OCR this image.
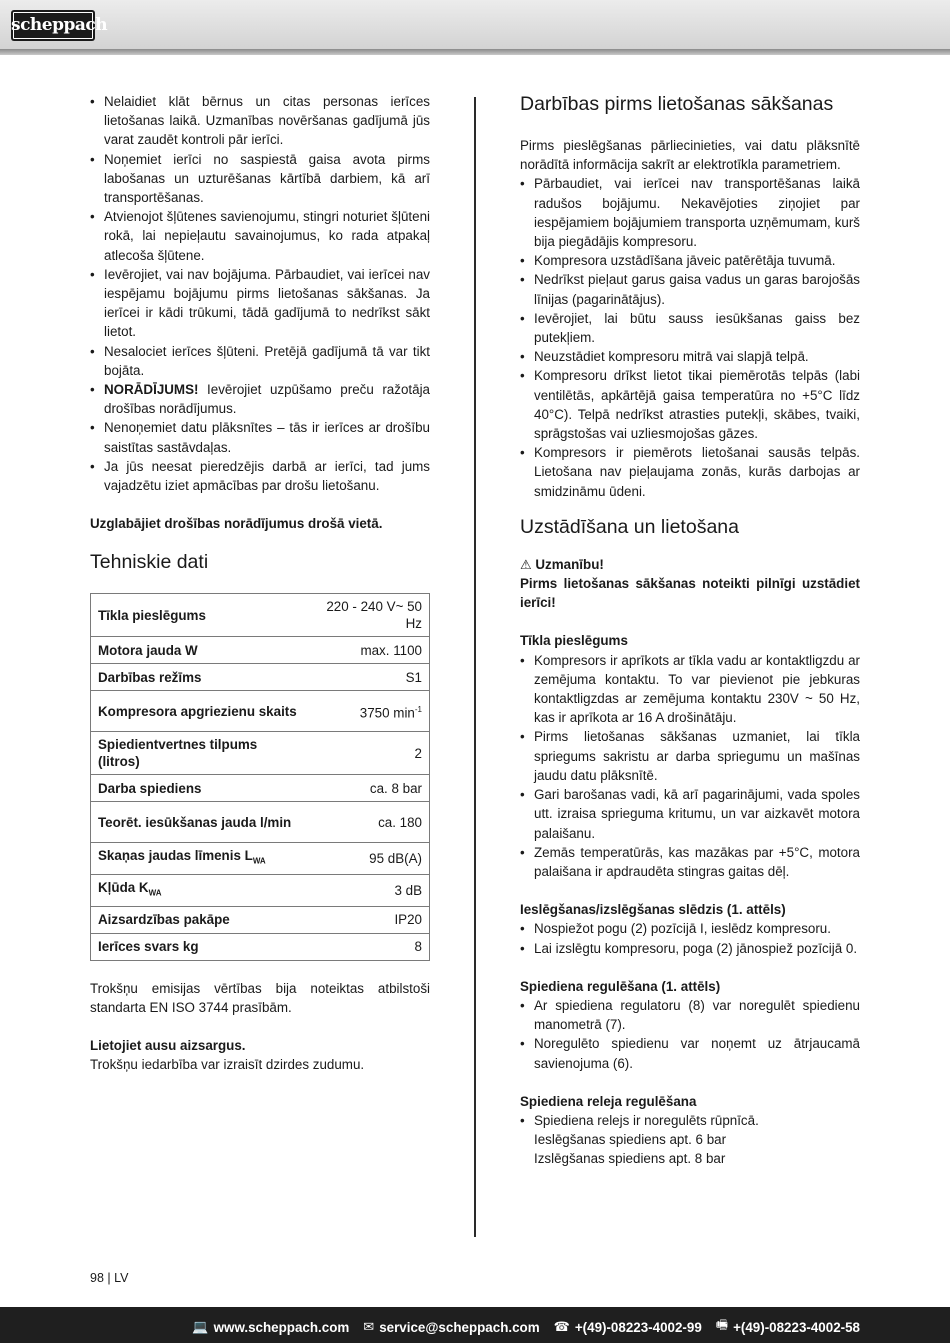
scheppach
• Nelaidiet klāt bērnus un citas personas ierīces lietošanas laikā. Uzmanības novēršanas gadījumā jūs varat zaudēt kontroli pār ierīci.
• Noņemiet ierīci no saspiestā gaisa avota pirms labošanas un uzturēšanas kārtībā darbiem, kā arī transportēšanas.
• Atvienojot šļūtenes savienojumu, stingri noturiet šļūteni rokā, lai nepieļautu savainojumus, ko rada atpakaļ atlecoša šļūtene.
• Ievērojiet, vai nav bojājuma. Pārbaudiet, vai ierīcei nav iespējamu bojājumu pirms lietošanas sākšanas. Ja ierīcei ir kādi trūkumi, tādā gadījumā to nedrīkst sākt lietot.
• Nesalociet ierīces šļūteni. Pretējā gadījumā tā var tikt bojāta.
• NORĀDĪJUMS! Ievērojiet uzpūšamo preču ražotāja drošības norādījumus.
• Nenoņemiet datu plāksnītes – tās ir ierīces ar drošību saistītas sastāvdaļas.
• Ja jūs neesat pieredzējis darbā ar ierīci, tad jums vajadzētu iziet apmācības par drošu lietošanu.

Uzglabājiet drošības norādījumus drošā vietā.

Tehniskie dati
Tīkla pieslēgums	220 - 240 V~ 50 Hz
Motora jauda W	max. 1100
Darbības režīms	S1
Kompresora apgriezienu skaits	3750 $\min^{-1}$
Spiedientvertnes tilpums (litros)	2
Darba spiediens	ca. 8 bar
Teorēt. iesūkšanas jauda l/min	ca. 180
Skaņas jaudas līmenis $L_{WA}$	95 dB(A)
Kļūda $K_{WA}$	3 dB
Aizsardzības pakāpe	IP20
Ierīces svars kg	8

Trokšņu emisijas vērtības bija noteiktas atbilstoši standarta EN ISO 3744 prasībām.

Lietojiet ausu aizsargus.

Trokšņu iedarbība var izraisīt dzirdes zudumu.

Darbības pirms lietošanas sākšanas

Pirms pieslēgšanas pārliecinieties, vai datu plāksnītē norādītā informācija sakrīt ar elektrotīkla parametriem.

• Pārbaudiet, vai ierīcei nav transportēšanas laikā radušos bojājumu. Nekavējoties ziņojiet par iespējamiem bojājumiem transporta uzņēmumam, kurš bija piegādājis kompresoru.
• Kompresora uzstādīšana jāveic patērētāja tuvumā.
• Nedrīkst pieļaut garus gaisa vadus un garas barojošās līnijas (pagarinātājus).
• Ievērojiet, lai būtu sauss iesūkšanas gaiss bez putekļiem.
• Neuzstādiet kompresoru mitrā vai slapjā telpā.
• Kompresoru drīkst lietot tikai piemērotās telpās (labi ventilētās, apkārtējā gaisa temperatūra no +5°C līdz 40°C). Telpā nedrīkst atrasties putekļi, skābes, tvaiki, sprāgstošas vai uzliesmojošas gāzes.
• Kompresors ir piemērots lietošanai sausās telpās. Lietošana nav pieļaujama zonās, kurās darbojas ar smidzināmu ūdeni.
Uzstādīšana un lietošana

⚠ Uzmanību!

Pirms lietošanas sākšanas noteikti pilnīgi uzstādiet ierīci!

Tīkla pieslēgums

• Kompresors ir aprīkots ar tīkla vadu ar kontaktligzdu ar zemējuma kontaktu. To var pievienot pie jebkuras kontaktligzdas ar zemējuma kontaktu 230V ~ 50 Hz, kas ir aprīkota ar 16 A drošinātāju.
• Pirms lietošanas sākšanas uzmaniet, lai tīkla spriegums sakristu ar darba spriegumu un mašīnas jaudu datu plāksnītē.
• Gari barošanas vadi, kā arī pagarinājumi, vada spoles utt. izraisa sprieguma kritumu, un var aizkavēt motora palaišanu.
• Zemās temperatūrās, kas mazākas par +5°C, motora palaišana ir apdraudēta stingras gaitas dēļ.

Ieslēgšanas/izslēgšanas slēdzis (1. attēls)

• Nospiežot pogu (2) pozīcijā I, ieslēdz kompresoru.
• Lai izslēgtu kompresoru, poga (2) jānospiež pozīcijā 0.

Spiediena regulēšana (1. attēls)

• Ar spiediena regulatoru (8) var noregulēt spiedienu manometrā (7).
• Noregulēto spiedienu var noņemt uz ātrjaucamā savienojuma (6).

Spiediena releja regulēšana

• Spiediena relejs ir noregulēts rūpnīcā.
Ieslēgšanas spiediens apt. 6 bar
Izslēgšanas spiediens apt. 8 bar
98 | LV
💻 www.scheppach.com ✉ service@scheppach.com ☎ +(49)-08223-4002-99 🖷 +(49)-08223-4002-58
